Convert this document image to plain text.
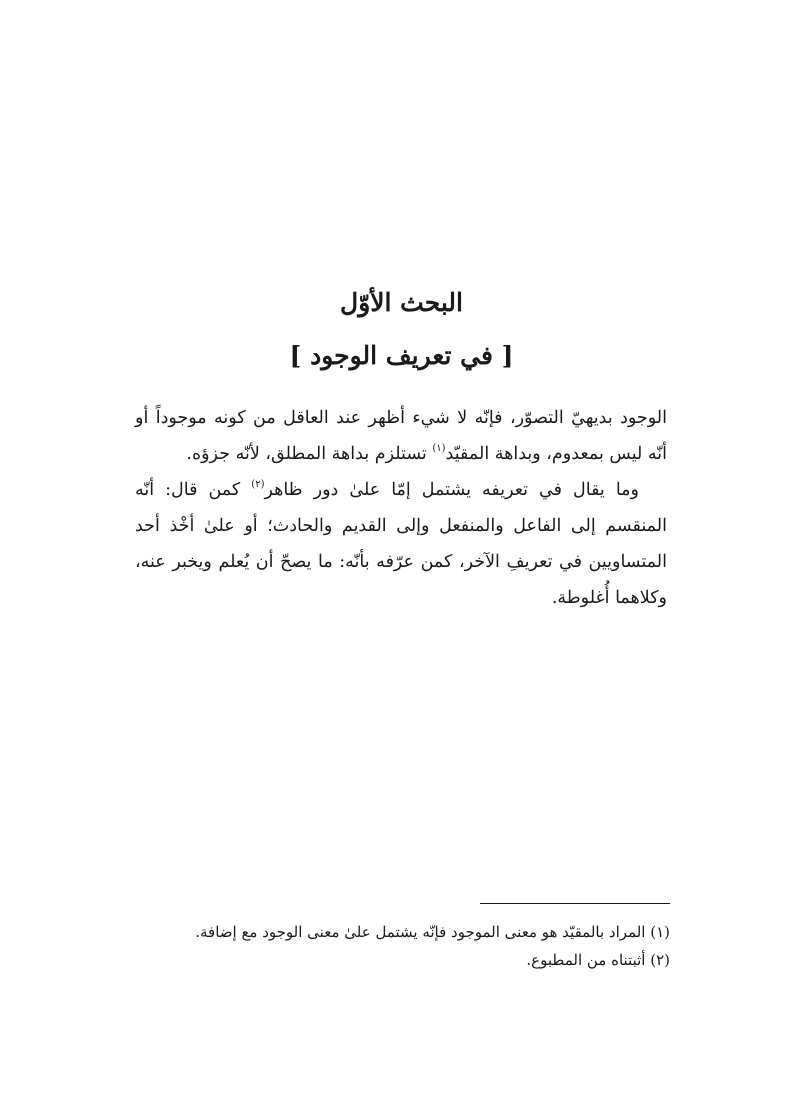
البحث الأوّل
[ في تعريف الوجود ]

الوجود بديهيّ التصوّر، فإنّه لا شيء أظهر عند العاقل من كونه موجوداً أو أنّه ليس بمعدوم، وبداهة المقيّد$^{(١)}$ تستلزم بداهة المطلق، لأنّه جزؤه.

وما يقال في تعريفه يشتمل إمّا علىٰ دور ظاهر$^{(٢)}$ كمن قال: أنّه المنقسم إلى الفاعل والمنفعل وإلى القديم والحادث؛ أو علىٰ أخْذ أحد المتساويين في تعريفِ الآخر، كمن عرّفه بأنّه: ما يصحّ أن يُعلم ويخبر عنه، وكلاهما أُغلوطة.

(١) المراد بالمقيّد هو معنى الموجود فإنّه يشتمل علىٰ معنى الوجود مع إضافة.

(٢) أثبتناه من المطبوع.
